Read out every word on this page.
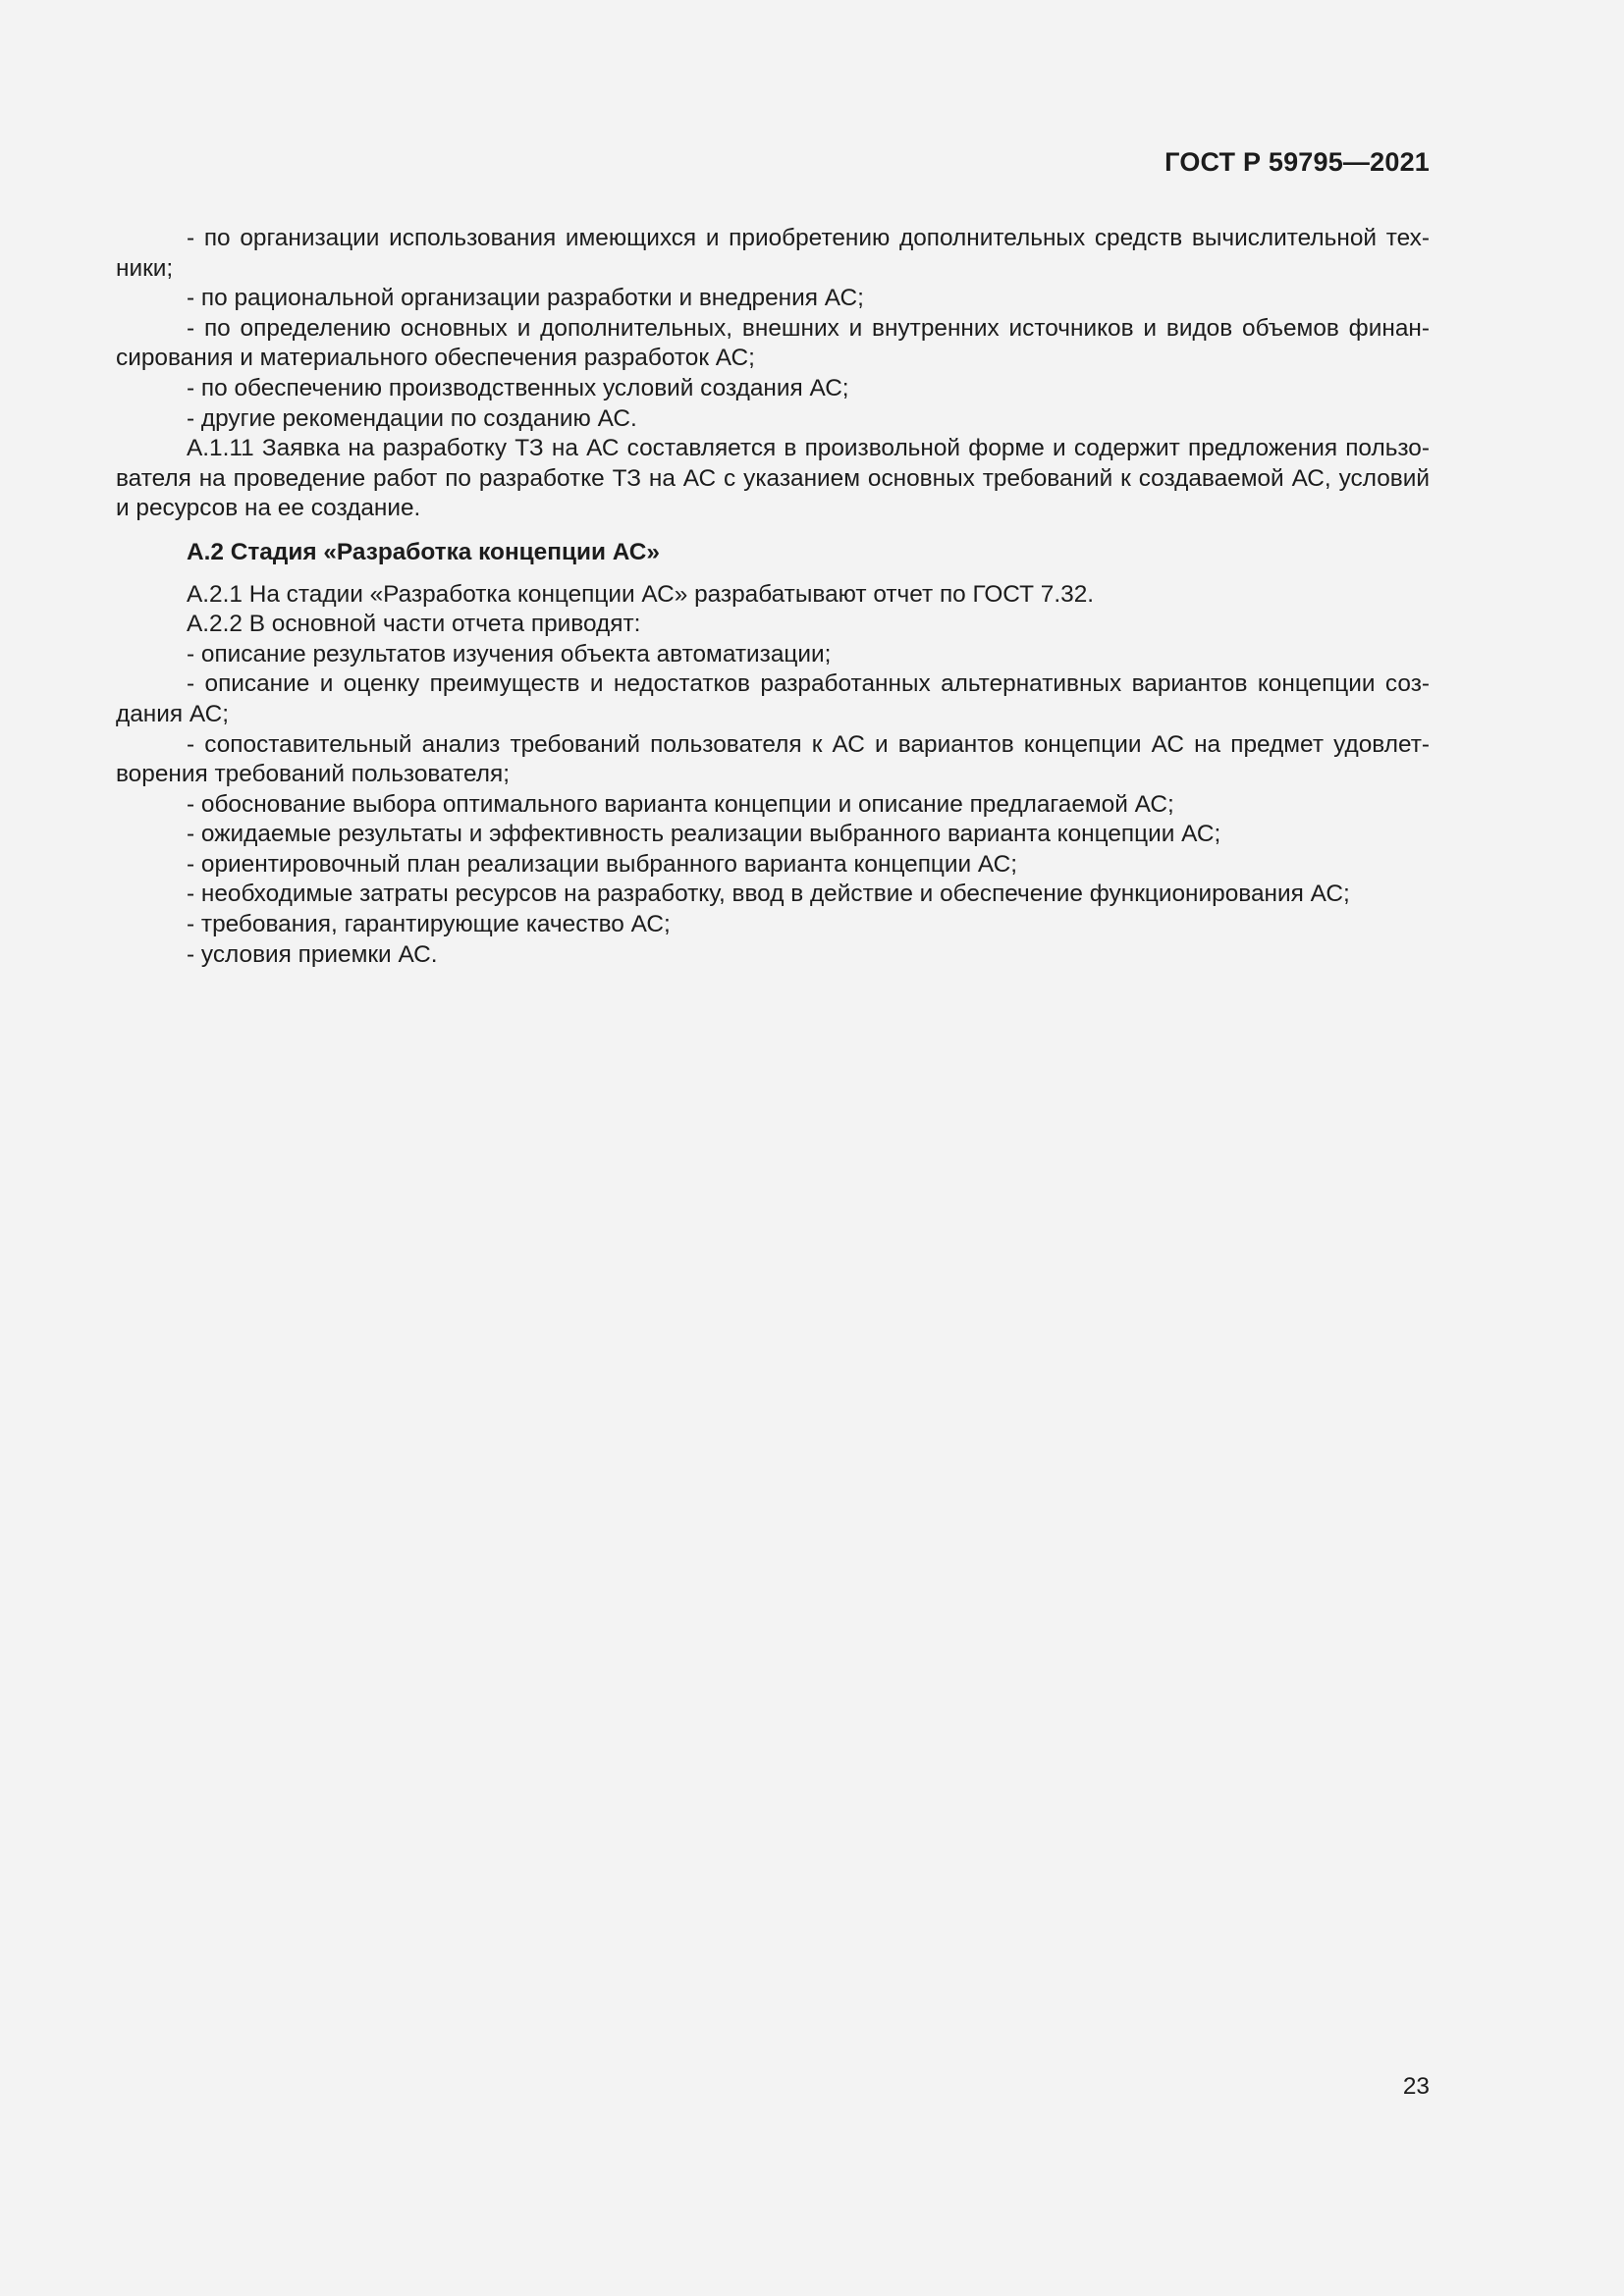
ГОСТ Р 59795—2021

- по организации использования имеющихся и приобретению дополнительных средств вычислительной тех-ники;

- по рациональной организации разработки и внедрения АС;

- по определению основных и дополнительных, внешних и внутренних источников и видов объемов финан-сирования и материального обеспечения разработок АС;

- по обеспечению производственных условий создания АС;

- другие рекомендации по созданию АС.

А.1.11 Заявка на разработку ТЗ на АС составляется в произвольной форме и содержит предложения пользо-вателя на проведение работ по разработке ТЗ на АС с указанием основных требований к создаваемой АС, условий и ресурсов на ее создание.

А.2 Стадия «Разработка концепции АС»

А.2.1 На стадии «Разработка концепции АС» разрабатывают отчет по ГОСТ 7.32.

А.2.2 В основной части отчета приводят:

- описание результатов изучения объекта автоматизации;

- описание и оценку преимуществ и недостатков разработанных альтернативных вариантов концепции соз-дания АС;

- сопоставительный анализ требований пользователя к АС и вариантов концепции АС на предмет удовлет-ворения требований пользователя;

- обоснование выбора оптимального варианта концепции и описание предлагаемой АС;

- ожидаемые результаты и эффективность реализации выбранного варианта концепции АС;

- ориентировочный план реализации выбранного варианта концепции АС;

- необходимые затраты ресурсов на разработку, ввод в действие и обеспечение функционирования АС;

- требования, гарантирующие качество АС;

- условия приемки АС.

23
